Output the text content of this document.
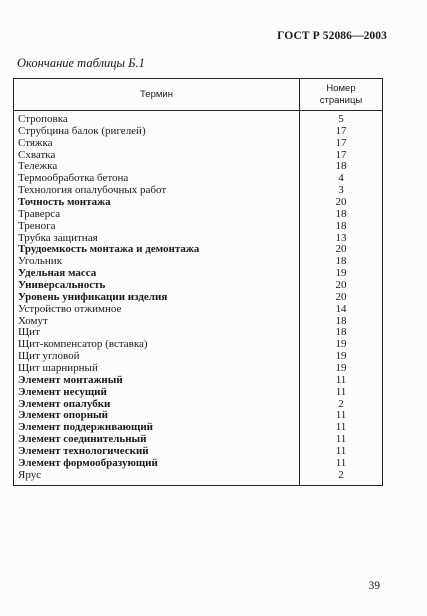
ГОСТ Р 52086—2003
Окончание таблицы Б.1
Термин	Номер
страницы
Строповка	5
Струбцина балок (ригелей)	17
Стяжка	17
Схватка	17
Тележка	18
Термообработка бетона	4
Технология опалубочных работ	3
Точность монтажа	20
Траверса	18
Тренога	18
Трубка защитная	13
Трудоемкость монтажа и демонтажа	20
Угольник	18
Удельная масса	19
Универсальность	20
Уровень унификации изделия	20
Устройство отжимное	14
Хомут	18
Щит	18
Щит-компенсатор (вставка)	19
Щит угловой	19
Щит шарнирный	19
Элемент монтажный	11
Элемент несущий	11
Элемент опалубки	2
Элемент опорный	11
Элемент поддерживающий	11
Элемент соединительный	11
Элемент технологический	11
Элемент формообразующий	11
Ярус	2
39
